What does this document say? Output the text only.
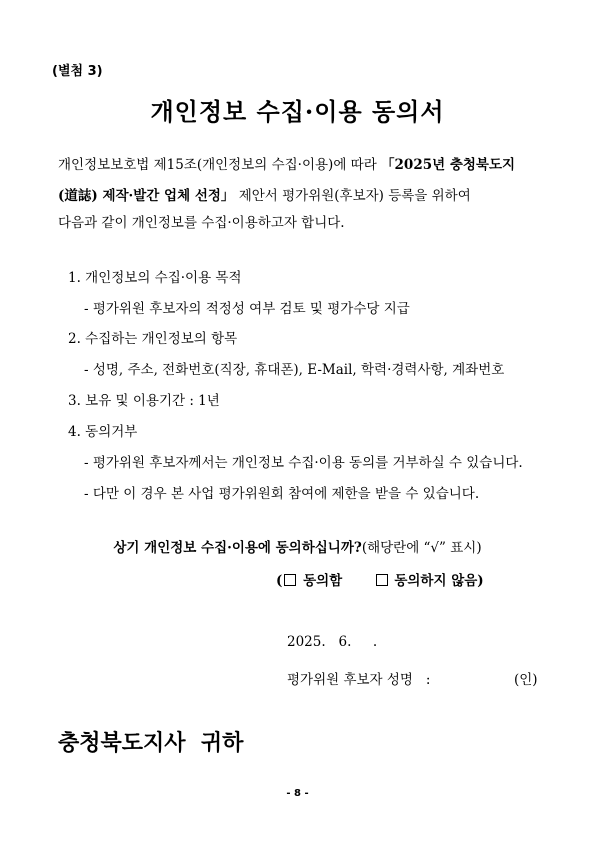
(별첨 3)
개인정보 수집·이용 동의서
개인정보보호법 제15조(개인정보의 수집·이용)에 따라 「2025년 충청북도지
(道誌) 제작·발간 업체 선정」 제안서 평가위원(후보자) 등록을 위하여
다음과 같이 개인정보를 수집·이용하고자 합니다.
1. 개인정보의 수집·이용 목적
- 평가위원 후보자의 적정성 여부 검토 및 평가수당 지급
2. 수집하는 개인정보의 항목
- 성명, 주소, 전화번호(직장, 휴대폰), E-Mail, 학력·경력사항, 계좌번호
3. 보유 및 이용기간 : 1년
4. 동의거부
- 평가위원 후보자께서는 개인정보 수집·이용 동의를 거부하실 수 있습니다.
- 다만 이 경우 본 사업 평가위원회 참여에 제한을 받을 수 있습니다.
상기 개인정보 수집·이용에 동의하십니까?(해당란에 “√” 표시)
( 동의함	동의하지 않음)
2025.   6.     .
평가위원 후보자 성명   :	(인)
충청북도지사  귀하
- 8 -
